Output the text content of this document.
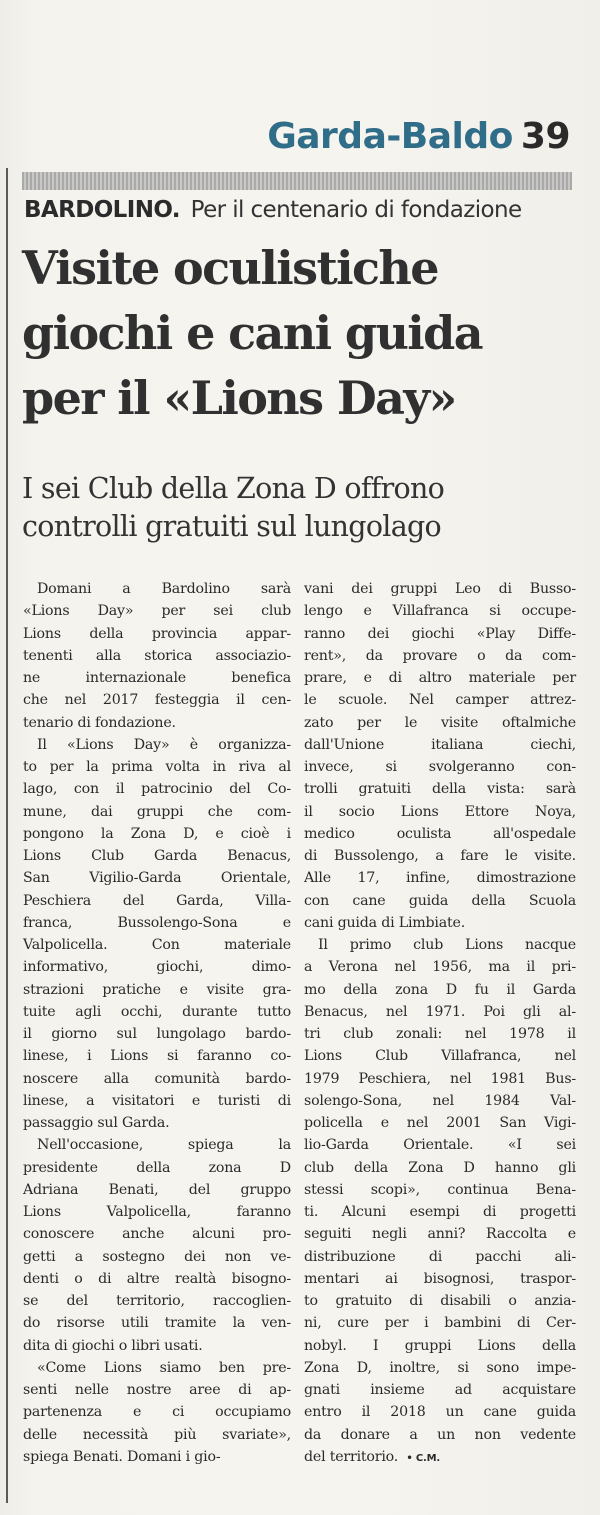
Garda-Baldo 39
BARDOLINO. Per il centenario di fondazione
Visite oculistiche
giochi e cani guida
per il «Lions Day»
I sei Club della Zona D offrono
controlli gratuiti sul lungolago
Domani a Bardolino sarà
«Lions Day» per sei club
Lions della provincia appar-
tenenti alla storica associazio-
ne internazionale benefica
che nel 2017 festeggia il cen-
tenario di fondazione.
Il «Lions Day» è organizza-
to per la prima volta in riva al
lago, con il patrocinio del Co-
mune, dai gruppi che com-
pongono la Zona D, e cioè i
Lions Club Garda Benacus,
San Vigilio-Garda Orientale,
Peschiera del Garda, Villa-
franca, Bussolengo-Sona e
Valpolicella. Con materiale
informativo, giochi, dimo-
strazioni pratiche e visite gra-
tuite agli occhi, durante tutto
il giorno sul lungolago bardo-
linese, i Lions si faranno co-
noscere alla comunità bardo-
linese, a visitatori e turisti di
passaggio sul Garda.
Nell'occasione, spiega la
presidente della zona D
Adriana Benati, del gruppo
Lions Valpolicella, faranno
conoscere anche alcuni pro-
getti a sostegno dei non ve-
denti o di altre realtà bisogno-
se del territorio, raccoglien-
do risorse utili tramite la ven-
dita di giochi o libri usati.
«Come Lions siamo ben pre-
senti nelle nostre aree di ap-
partenenza e ci occupiamo
delle necessità più svariate»,
spiega Benati. Domani i gio-
vani dei gruppi Leo di Busso-
lengo e Villafranca si occupe-
ranno dei giochi «Play Diffe-
rent», da provare o da com-
prare, e di altro materiale per
le scuole. Nel camper attrez-
zato per le visite oftalmiche
dall'Unione italiana ciechi,
invece, si svolgeranno con-
trolli gratuiti della vista: sarà
il socio Lions Ettore Noya,
medico oculista all'ospedale
di Bussolengo, a fare le visite.
Alle 17, infine, dimostrazione
con cane guida della Scuola
cani guida di Limbiate.
Il primo club Lions nacque
a Verona nel 1956, ma il pri-
mo della zona D fu il Garda
Benacus, nel 1971. Poi gli al-
tri club zonali: nel 1978 il
Lions Club Villafranca, nel
1979 Peschiera, nel 1981 Bus-
solengo-Sona, nel 1984 Val-
policella e nel 2001 San Vigi-
lio-Garda Orientale. «I sei
club della Zona D hanno gli
stessi scopi», continua Bena-
ti. Alcuni esempi di progetti
seguiti negli anni? Raccolta e
distribuzione di pacchi ali-
mentari ai bisognosi, traspor-
to gratuito di disabili o anzia-
ni, cure per i bambini di Cer-
nobyl. I gruppi Lions della
Zona D, inoltre, si sono impe-
gnati insieme ad acquistare
entro il 2018 un cane guida
da donare a un non vedente
del territorio. • C.M.
